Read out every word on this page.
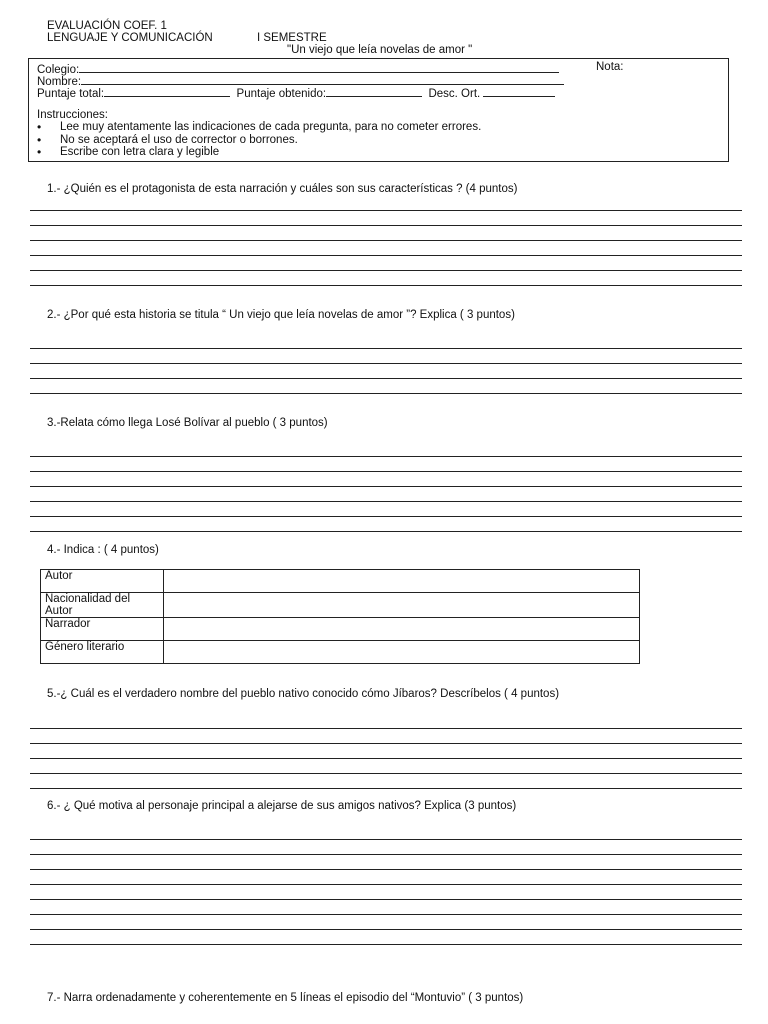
EVALUACIÓN COEF. 1
LENGUAJE Y COMUNICACIÓN	I SEMESTRE
"Un viejo que leía novelas de amor "
Colegio:	Nota:
Nombre:
Puntaje total:	Puntaje obtenido:	Desc. Ort.
Instrucciones:
• Lee muy atentamente las indicaciones de cada pregunta, para no cometer errores.
• No se aceptará el uso de corrector o borrones.
• Escribe con letra clara y legible
1.- ¿Quién es el protagonista de esta narración y cuáles son sus características ? (4 puntos)
2.- ¿Por qué esta historia se titula “ Un viejo que leía novelas de amor ”? Explica ( 3 puntos)
3.-Relata cómo llega Losé Bolívar al pueblo ( 3 puntos)
4.- Indica : ( 4 puntos)
Autor	
Nacionalidad del Autor	
Narrador	
Género literario	
5.-¿ Cuál es el verdadero nombre del pueblo nativo conocido cómo Jíbaros? Descríbelos ( 4 puntos)
6.- ¿ Qué motiva al personaje principal a alejarse de sus amigos nativos? Explica (3 puntos)
7.- Narra ordenadamente y coherentemente en 5 líneas el episodio del “Montuvio” ( 3 puntos)
